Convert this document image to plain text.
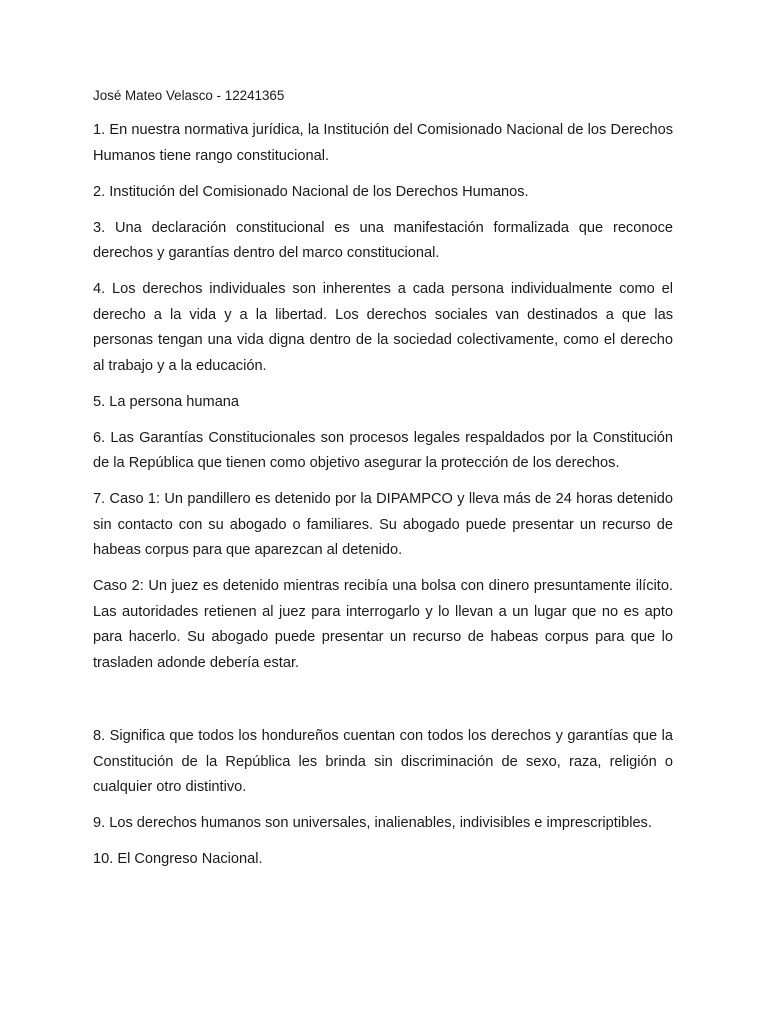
José Mateo Velasco - 12241365

1. En nuestra normativa jurídica, la Institución del Comisionado Nacional de los Derechos Humanos tiene rango constitucional.

2. Institución del Comisionado Nacional de los Derechos Humanos.

3. Una declaración constitucional es una manifestación formalizada que reconoce derechos y garantías dentro del marco constitucional.

4. Los derechos individuales son inherentes a cada persona individualmente como el derecho a la vida y a la libertad. Los derechos sociales van destinados a que las personas tengan una vida digna dentro de la sociedad colectivamente, como el derecho al trabajo y a la educación.

5. La persona humana

6. Las Garantías Constitucionales son procesos legales respaldados por la Constitución de la República que tienen como objetivo asegurar la protección de los derechos.

7. Caso 1: Un pandillero es detenido por la DIPAMPCO y lleva más de 24 horas detenido sin contacto con su abogado o familiares. Su abogado puede presentar un recurso de habeas corpus para que aparezcan al detenido.

Caso 2: Un juez es detenido mientras recibía una bolsa con dinero presuntamente ilícito. Las autoridades retienen al juez para interrogarlo y lo llevan a un lugar que no es apto para hacerlo. Su abogado puede presentar un recurso de habeas corpus para que lo trasladen adonde debería estar.

8. Significa que todos los hondureños cuentan con todos los derechos y garantías que la Constitución de la República les brinda sin discriminación de sexo, raza, religión o cualquier otro distintivo.

9. Los derechos humanos son universales, inalienables, indivisibles e imprescriptibles.

10. El Congreso Nacional.
